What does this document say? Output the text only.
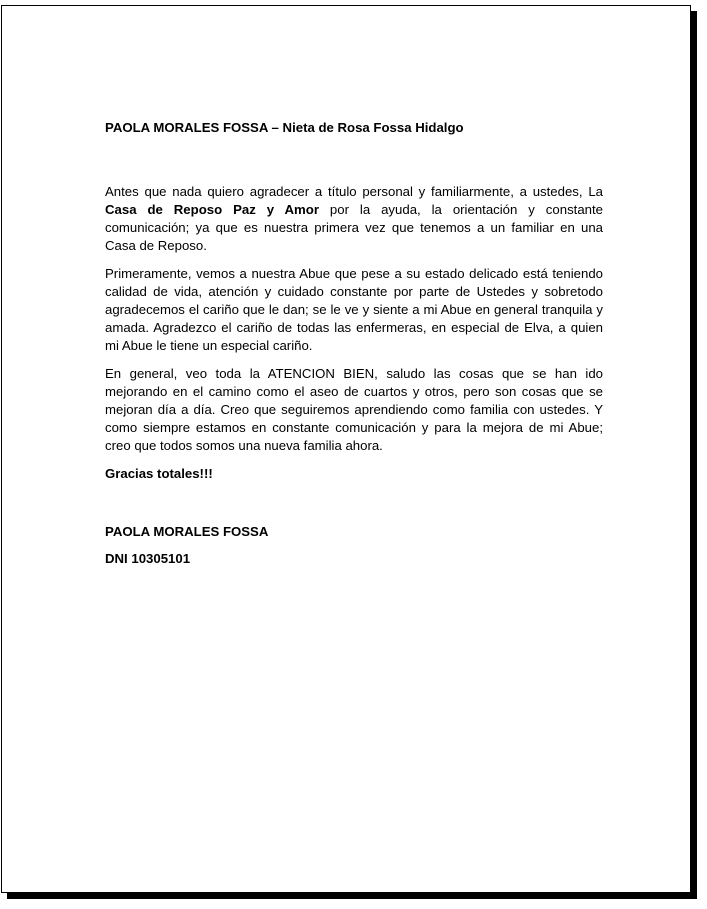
PAOLA MORALES FOSSA – Nieta de Rosa Fossa Hidalgo

Antes que nada quiero agradecer a título personal y familiarmente, a ustedes, La Casa de Reposo Paz y Amor por la ayuda, la orientación y constante comunicación; ya que es nuestra primera vez que tenemos a un familiar en una Casa de Reposo.

Primeramente, vemos a nuestra Abue que pese a su estado delicado está teniendo calidad de vida, atención y cuidado constante por parte de Ustedes y sobretodo agradecemos el cariño que le dan; se le ve y siente a mi Abue en general tranquila y amada. Agradezco el cariño de todas las enfermeras, en especial de Elva, a quien mi Abue le tiene un especial cariño.

En general, veo toda la ATENCION BIEN, saludo las cosas que se han ido mejorando en el camino como el aseo de cuartos y otros, pero son cosas que se mejoran día a día. Creo que seguiremos aprendiendo como familia con ustedes. Y como siempre estamos en constante comunicación y para la mejora de mi Abue; creo que todos somos una nueva familia ahora.

Gracias totales!!!

PAOLA MORALES FOSSA

DNI 10305101
